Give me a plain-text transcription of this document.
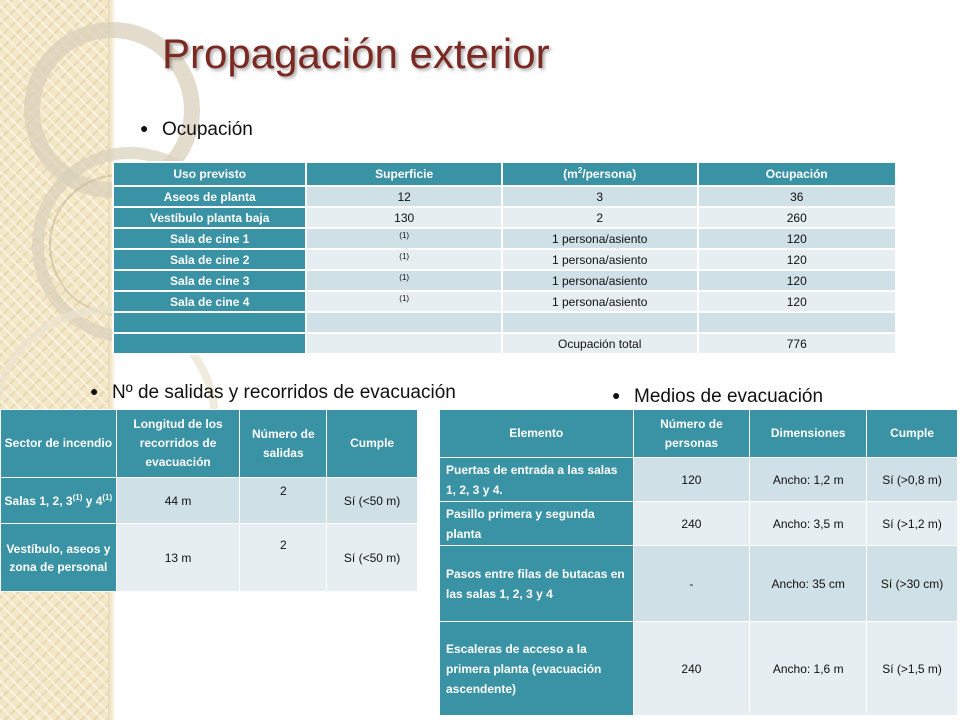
Propagación exterior
● Ocupación
● Nº de salidas y recorridos de evacuación	● Medios de evacuación
Uso previsto	Superficie	$(m^2/persona)$	Ocupación
Aseos de planta	12	3	36
Vestíbulo planta baja	130	2	260
Sala de cine 1	$^{(1)}$	1 persona/asiento	120
Sala de cine 2	$^{(1)}$	1 persona/asiento	120
Sala de cine 3	$^{(1)}$	1 persona/asiento	120
Sala de cine 4	$^{(1)}$	1 persona/asiento	120

		Ocupación total	776
Sector de incendio	Longitud de los recorridos de evacuación	Número de salidas	Cumple
Salas 1, 2, 3$^{(1)}$ y 4$^{(1)}$	44 m	2	Sí (<50 m)
Vestíbulo, aseos y zona de personal	13 m	2	Sí (<50 m)
Elemento	Número de personas	Dimensiones	Cumple
Puertas de entrada a las salas 1, 2, 3 y 4.	120	Ancho: 1,2 m	Sí (>0,8 m)
Pasillo primera y segunda planta	240	Ancho: 3,5 m	Sí (>1,2 m)
Pasos entre filas de butacas en las salas 1, 2, 3 y 4	-	Ancho: 35 cm	Sí (>30 cm)
Escaleras de acceso a la primera planta (evacuación ascendente)	240	Ancho: 1,6 m	Sí (>1,5 m)
